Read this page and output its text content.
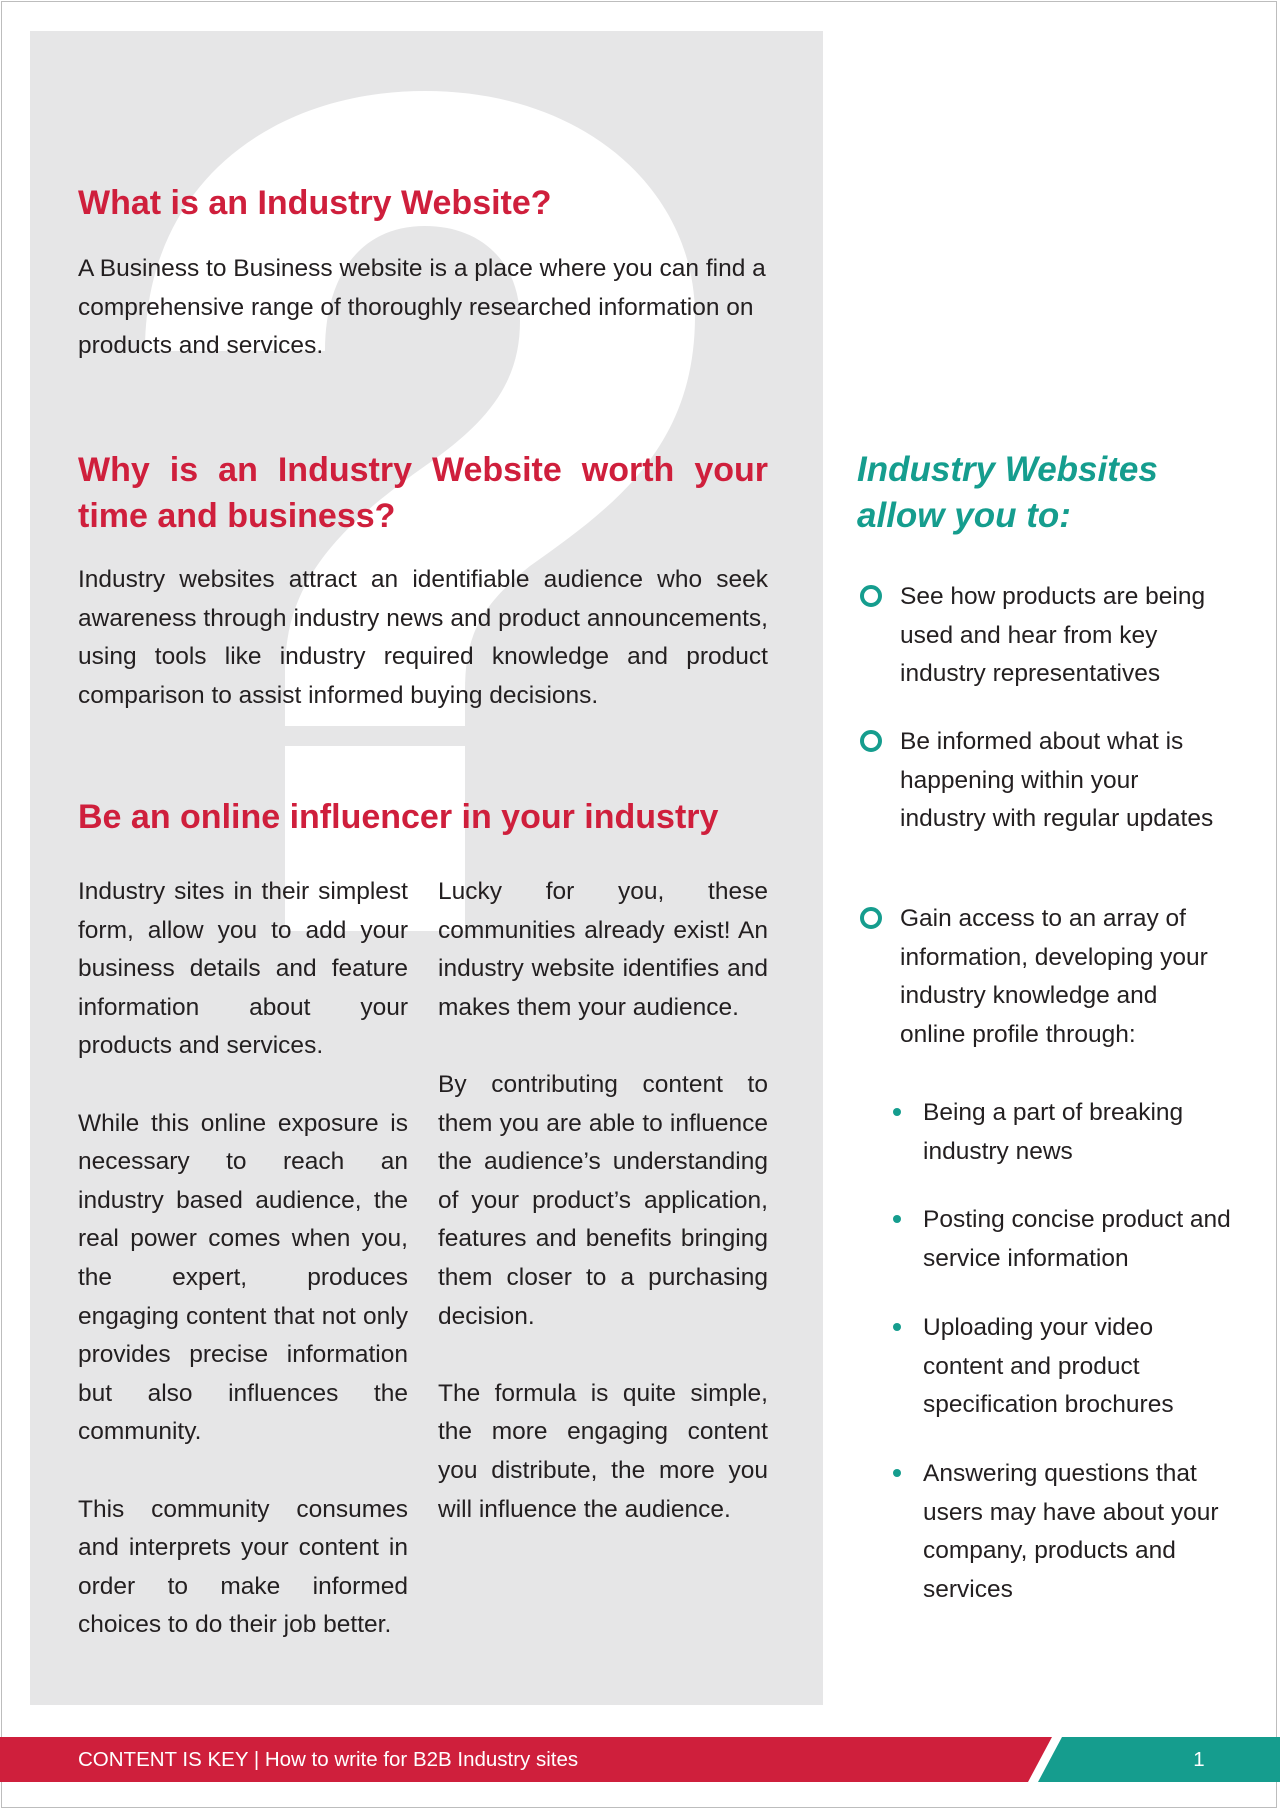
What is an Industry Website?

A Business to Business website is a place where you can find a comprehensive range of thoroughly researched information on products and services.

Why is an Industry Website worth your time and business?

Industry websites attract an identifiable audience who seek awareness through industry news and product announcements, using tools like industry required knowledge and product comparison to assist informed buying decisions.

Be an online influencer in your industry

Industry sites in their simplest form, allow you to add your business details and feature information about your products and services.

While this online exposure is necessary to reach an industry based audience, the real power comes when you, the expert, produces engaging content that not only provides precise information but also influences the community.

This community consumes and interprets your content in order to make informed choices to do their job better.

Lucky for you, these communities already exist! An industry website identifies and makes them your audience.

By contributing content to them you are able to influence the audience’s understanding of your product’s application, features and benefits bringing them closer to a purchasing decision.

The formula is quite simple, the more engaging content you distribute, the more you will influence the audience.

Industry Websites
allow you to:
See how products are being used and hear from key industry representatives
Be informed about what is happening within your industry with regular updates
Gain access to an array of information, developing your industry knowledge and online profile through:
Being a part of breaking industry news
Posting concise product and service information
Uploading your video content and product specification brochures
Answering questions that users may have about your company, products and services
CONTENT IS KEY | How to write for B2B Industry sites	1
